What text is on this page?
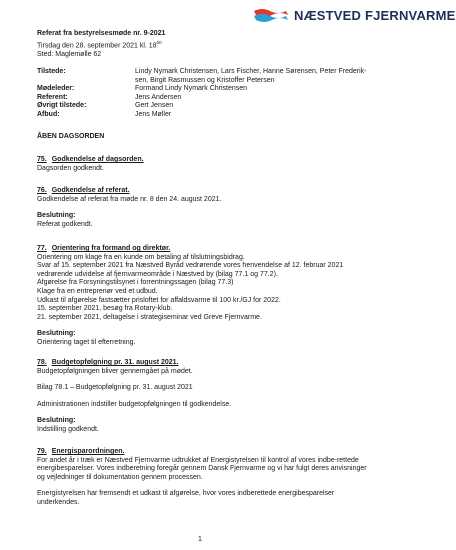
NÆSTVED FJERNVARME

Referat fra bestyrelsesmøde nr. 9-2021

Tirsdag den 28. september 2021 kl. $18^{00}$

Sted: Maglemølle 62

Tilstede:	Lindy Nymark Christensen, Lars Fischer, Hanne Sørensen, Peter Frederik-sen, Birgit Rasmussen og Kristoffer Petersen
Mødeleder:	Formand Lindy Nymark Christensen
Referent:	Jens Andersen
Øvrigt tilstede:	Gert Jensen
Afbud:	Jens Møller

ÅBEN DAGSORDEN

75. Godkendelse af dagsorden.

Dagsorden godkendt.

76. Godkendelse af referat.

Godkendelse af referat fra møde nr. 8 den 24. august 2021.

Beslutning:

Referat godkendt.

77. Orientering fra formand og direktør.

Orientering om klage fra en kunde om betaling af tilslutningsbidrag.

Svar af 15. september 2021 fra Næstved Byråd vedrørende vores henvendelse af 12. februar 2021 vedrørende udvidelse af fjernvarmeområde i Næstved by (bilag 77.1 og 77.2).

Afgørelse fra Forsyningstilsynet i forrentningssagen (bilag 77.3)

Klage fra en entreprenør ved et udbud.

Udkast til afgørelse fastsætter prisloftet for affaldsvarme til 100 kr./GJ for 2022.

15. september 2021, besøg fra Rotary-klub.

21. september 2021, deltagelse i strategiseminar ved Greve Fjernvarme.

Beslutning:

Orientering taget til efterretning.

78. Budgetopfølgning pr. 31. august 2021.

Budgetopfølgningen bliver gennemgået på mødet.

Bilag 78.1 – Budgetopfølgning pr. 31. august 2021

Administrationen indstiller budgetopfølgningen til godkendelse.

Beslutning:

Indstilling godkendt.

79. Energisparordningen.

For andet år i træk er Næstved Fjernvarme udtrukket af Energistyrelsen til kontrol af vores indbe-rettede energibesparelser. Vores indberetning foregår gennem Dansk Fjernvarme og vi har fulgt deres anvisninger og vejledninger til dokumentation gennem processen.

Energistyrelsen har fremsendt et udkast til afgørelse, hvor vores indberettede energibesparelser underkendes.

1
